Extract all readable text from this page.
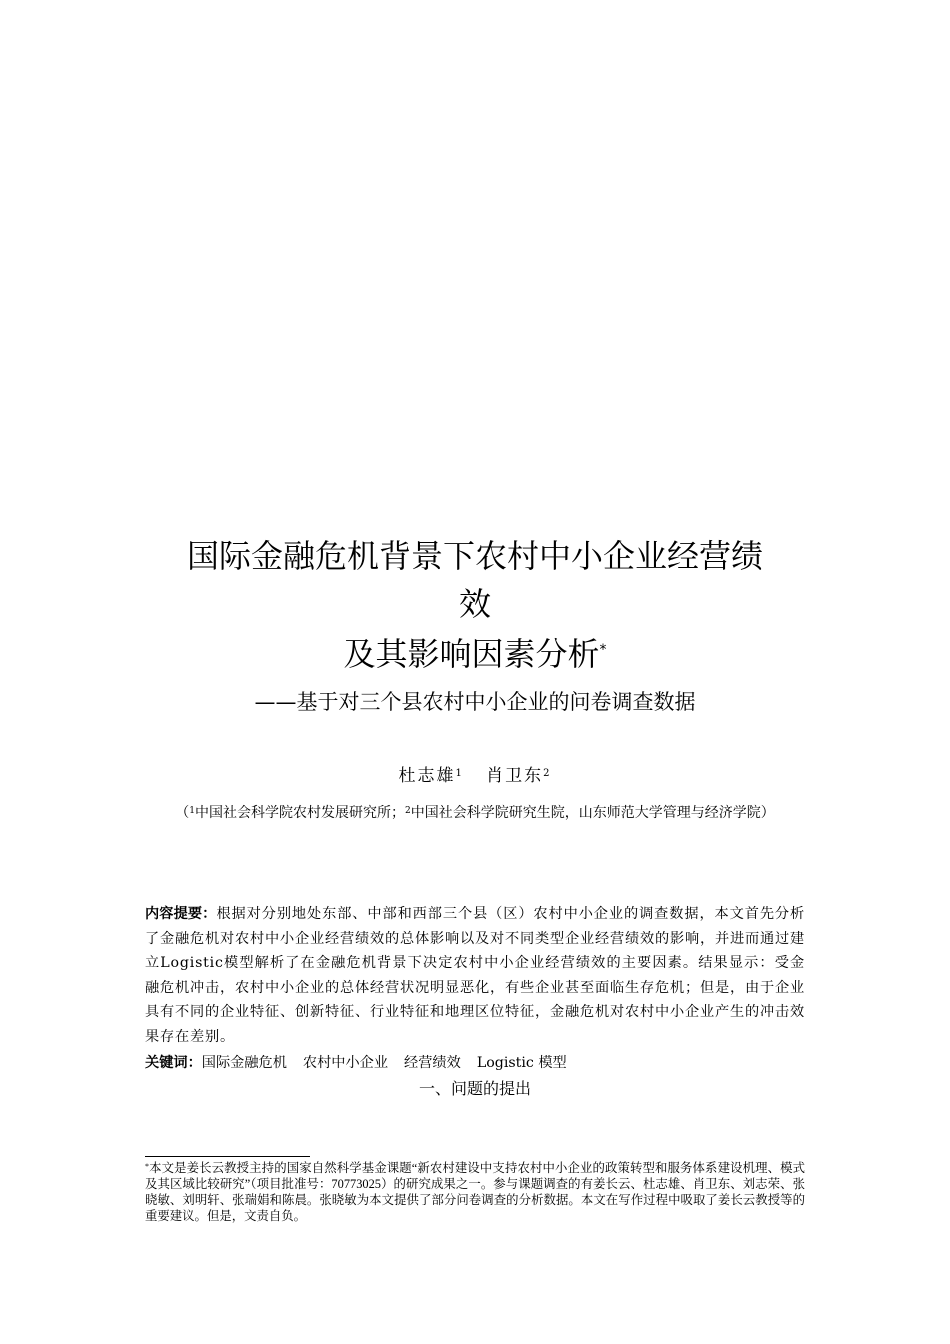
国际金融危机背景下农村中小企业经营绩
效
及其影响因素分析*
——基于对三个县农村中小企业的问卷调查数据
杜志雄$^1$ 肖卫东$^2$
（$^1$中国社会科学院农村发展研究所；$^2$中国社会科学院研究生院，山东师范大学管理与经济学院）
内容提要：根据对分别地处东部、中部和西部三个县（区）农村中小企业的调查数据，本文首先分析了金融危机对农村中小企业经营绩效的总体影响以及对不同类型企业经营绩效的影响，并进而通过建立Logistic模型解析了在金融危机背景下决定农村中小企业经营绩效的主要因素。结果显示：受金融危机冲击，农村中小企业的总体经营状况明显恶化，有些企业甚至面临生存危机；但是，由于企业具有不同的企业特征、创新特征、行业特征和地理区位特征，金融危机对农村中小企业产生的冲击效果存在差别。
关键词：国际金融危机 农村中小企业 经营绩效 Logistic 模型
一、问题的提出
*本文是姜长云教授主持的国家自然科学基金课题“新农村建设中支持农村中小企业的政策转型和服务体系建设机理、模式及其区域比较研究”（项目批准号：70773025）的研究成果之一。参与课题调查的有姜长云、杜志雄、肖卫东、刘志荣、张晓敏、刘明轩、张瑞娟和陈晨。张晓敏为本文提供了部分问卷调查的分析数据。本文在写作过程中吸取了姜长云教授等的重要建议。但是，文责自负。
